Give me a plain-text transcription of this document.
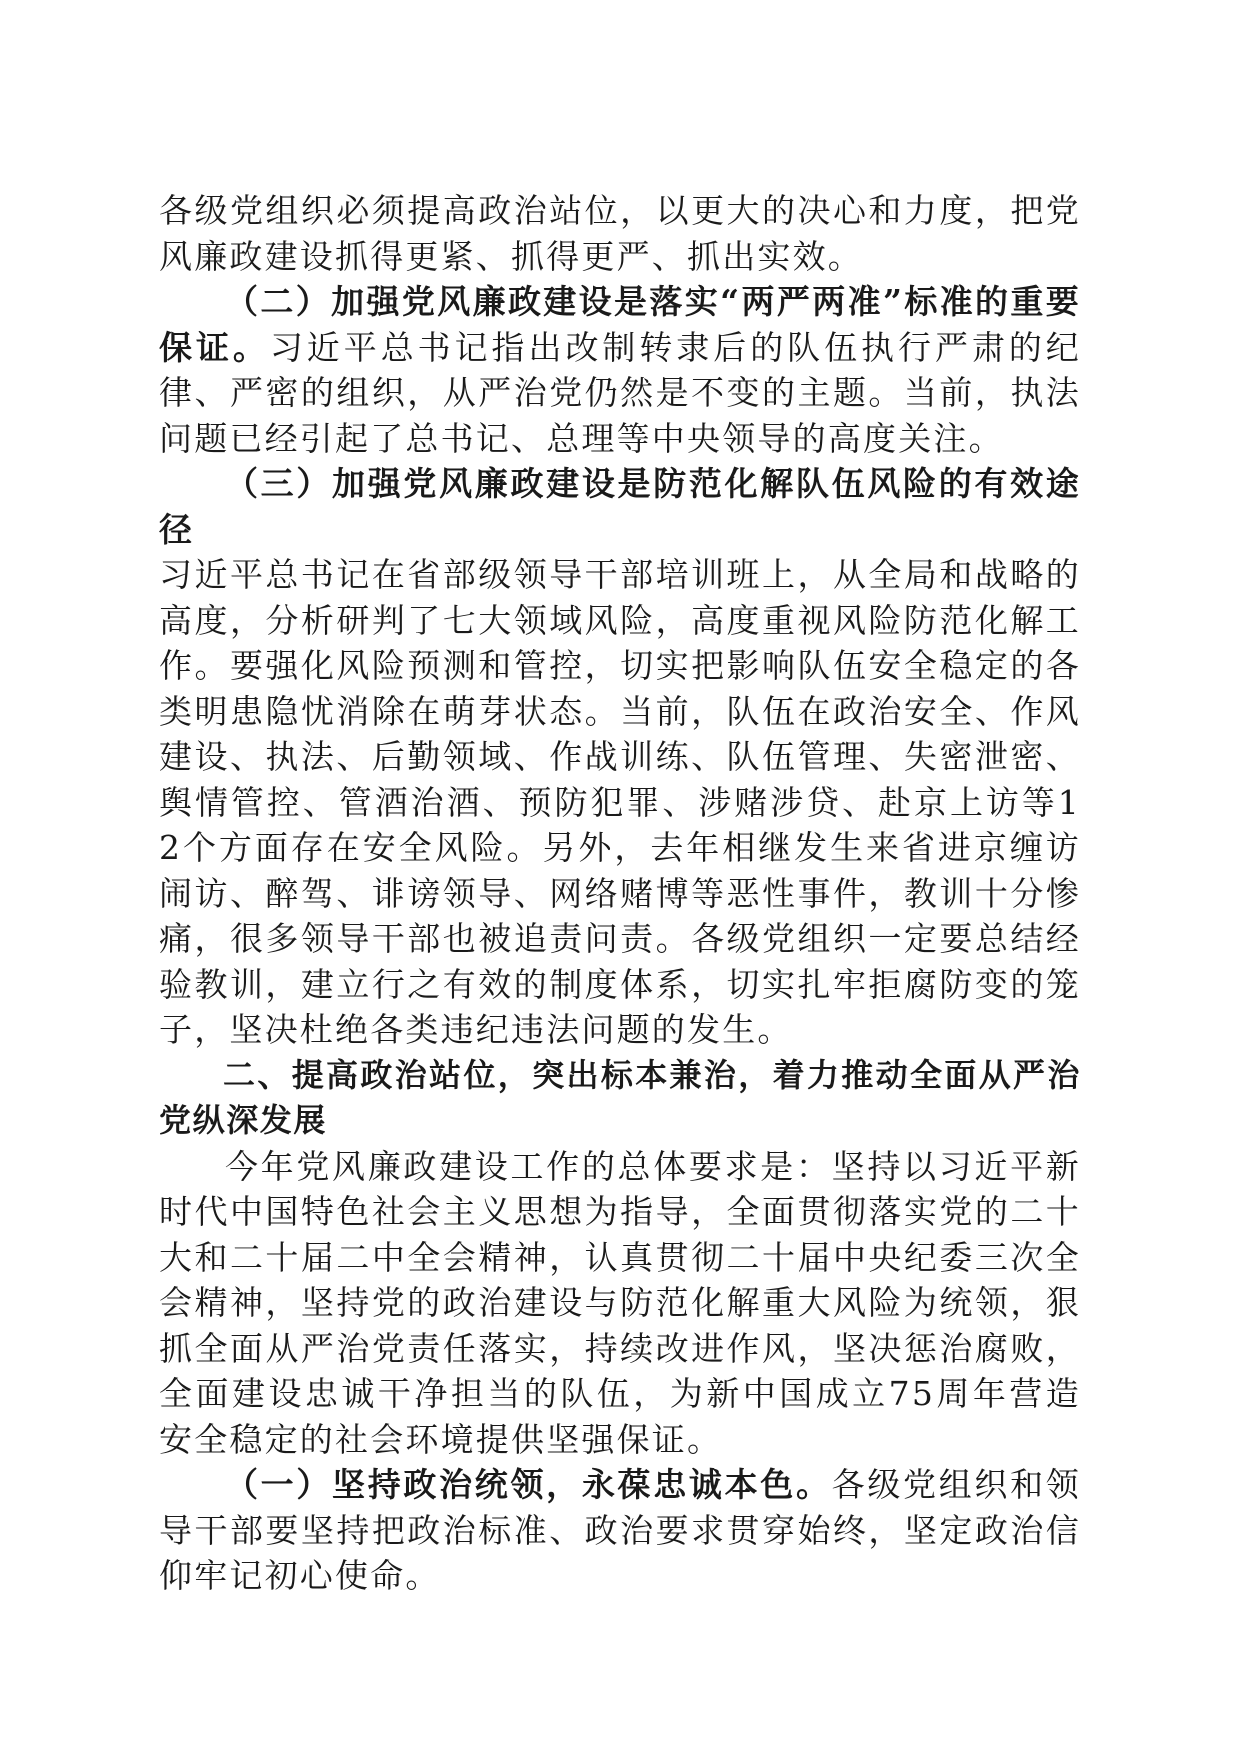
各级党组织必须提高政治站位，以更大的决心和力度，把党风廉政建设抓得更紧、抓得更严、抓出实效。

（二）加强党风廉政建设是落实“两严两准”标准的重要保证。习近平总书记指出改制转隶后的队伍执行严肃的纪律、严密的组织，从严治党仍然是不变的主题。当前，执法问题已经引起了总书记、总理等中央领导的高度关注。

（三）加强党风廉政建设是防范化解队伍风险的有效途径

习近平总书记在省部级领导干部培训班上，从全局和战略的高度，分析研判了七大领域风险，高度重视风险防范化解工作。要强化风险预测和管控，切实把影响队伍安全稳定的各类明患隐忧消除在萌芽状态。当前，队伍在政治安全、作风建设、执法、后勤领域、作战训练、队伍管理、失密泄密、舆情管控、管酒治酒、预防犯罪、涉赌涉贷、赴京上访等12个方面存在安全风险。另外，去年相继发生来省进京缠访闹访、醉驾、诽谤领导、网络赌博等恶性事件，教训十分惨痛，很多领导干部也被追责问责。各级党组织一定要总结经验教训，建立行之有效的制度体系，切实扎牢拒腐防变的笼子，坚决杜绝各类违纪违法问题的发生。

二、提高政治站位，突出标本兼治，着力推动全面从严治党纵深发展

今年党风廉政建设工作的总体要求是：坚持以习近平新时代中国特色社会主义思想为指导，全面贯彻落实党的二十大和二十届二中全会精神，认真贯彻二十届中央纪委三次全会精神，坚持党的政治建设与防范化解重大风险为统领，狠抓全面从严治党责任落实，持续改进作风，坚决惩治腐败，全面建设忠诚干净担当的队伍，为新中国成立75周年营造安全稳定的社会环境提供坚强保证。

（一）坚持政治统领，永葆忠诚本色。各级党组织和领导干部要坚持把政治标准、政治要求贯穿始终，坚定政治信仰牢记初心使命。
